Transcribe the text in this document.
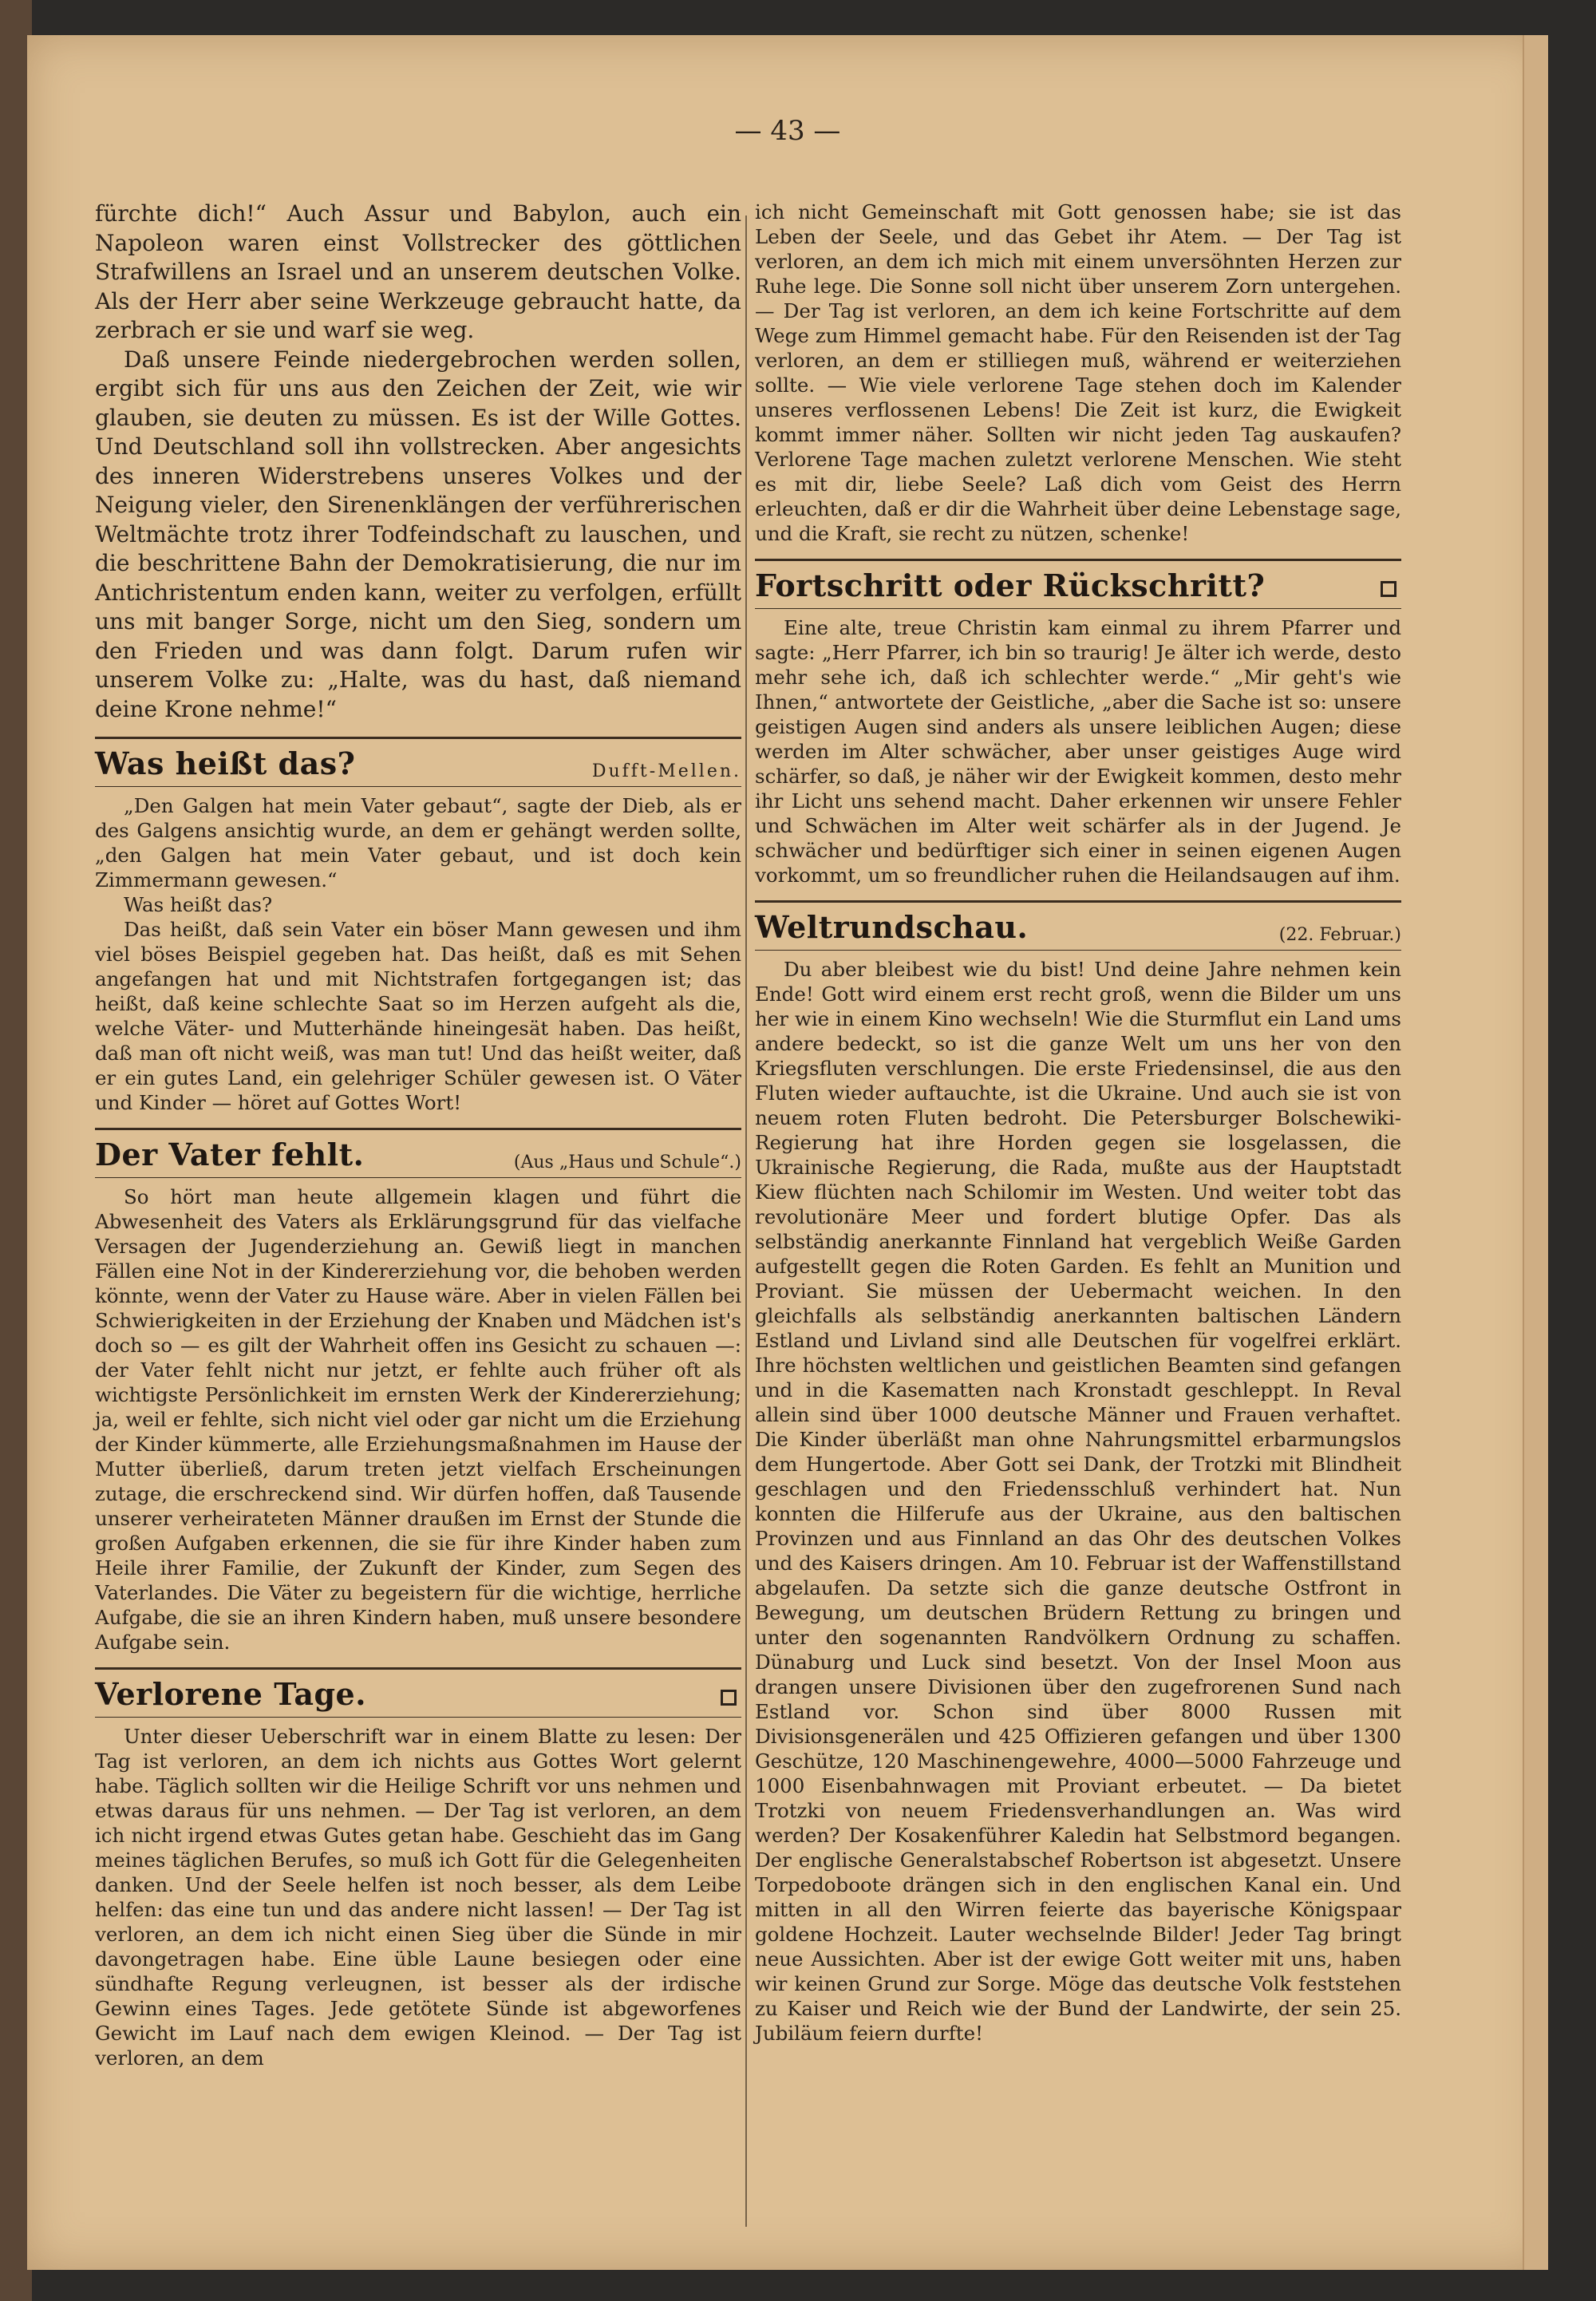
— 43 —

fürchte dich!“ Auch Assur und Babylon, auch ein Napoleon waren einst Vollstrecker des göttlichen Strafwillens an Israel und an unserem deutschen Volke. Als der Herr aber seine Werkzeuge gebraucht hatte, da zerbrach er sie und warf sie weg.

Daß unsere Feinde niedergebrochen werden sollen, ergibt sich für uns aus den Zeichen der Zeit, wie wir glauben, sie deuten zu müssen. Es ist der Wille Gottes. Und Deutschland soll ihn vollstrecken. Aber angesichts des inneren Widerstrebens unseres Volkes und der Neigung vieler, den Sirenenklängen der verführerischen Weltmächte trotz ihrer Todfeindschaft zu lauschen, und die beschrittene Bahn der Demokratisierung, die nur im Antichristentum enden kann, weiter zu verfolgen, erfüllt uns mit banger Sorge, nicht um den Sieg, sondern um den Frieden und was dann folgt. Darum rufen wir unserem Volke zu: „Halte, was du hast, daß niemand deine Krone nehme!“

Was heißt das?	Dufft-Mellen.

„Den Galgen hat mein Vater gebaut“, sagte der Dieb, als er des Galgens ansichtig wurde, an dem er gehängt werden sollte, „den Galgen hat mein Vater gebaut, und ist doch kein Zimmermann gewesen.“

Was heißt das?

Das heißt, daß sein Vater ein böser Mann gewesen und ihm viel böses Beispiel gegeben hat. Das heißt, daß es mit Sehen angefangen hat und mit Nichtstrafen fortgegangen ist; das heißt, daß keine schlechte Saat so im Herzen aufgeht als die, welche Väter- und Mutterhände hineingesät haben. Das heißt, daß man oft nicht weiß, was man tut! Und das heißt weiter, daß er ein gutes Land, ein gelehriger Schüler gewesen ist. O Väter und Kinder — höret auf Gottes Wort!

Der Vater fehlt.	(Aus „Haus und Schule“.)

So hört man heute allgemein klagen und führt die Abwesenheit des Vaters als Erklärungsgrund für das vielfache Versagen der Jugenderziehung an. Gewiß liegt in manchen Fällen eine Not in der Kindererziehung vor, die behoben werden könnte, wenn der Vater zu Hause wäre. Aber in vielen Fällen bei Schwierigkeiten in der Erziehung der Knaben und Mädchen ist's doch so — es gilt der Wahrheit offen ins Gesicht zu schauen —: der Vater fehlt nicht nur jetzt, er fehlte auch früher oft als wichtigste Persönlichkeit im ernsten Werk der Kindererziehung; ja, weil er fehlte, sich nicht viel oder gar nicht um die Erziehung der Kinder kümmerte, alle Erziehungsmaßnahmen im Hause der Mutter überließ, darum treten jetzt vielfach Erscheinungen zutage, die erschreckend sind. Wir dürfen hoffen, daß Tausende unserer verheirateten Männer draußen im Ernst der Stunde die großen Aufgaben erkennen, die sie für ihre Kinder haben zum Heile ihrer Familie, der Zukunft der Kinder, zum Segen des Vaterlandes. Die Väter zu begeistern für die wichtige, herrliche Aufgabe, die sie an ihren Kindern haben, muß unsere besondere Aufgabe sein.

Verlorene Tage.

Unter dieser Ueberschrift war in einem Blatte zu lesen: Der Tag ist verloren, an dem ich nichts aus Gottes Wort gelernt habe. Täglich sollten wir die Heilige Schrift vor uns nehmen und etwas daraus für uns nehmen. — Der Tag ist verloren, an dem ich nicht irgend etwas Gutes getan habe. Geschieht das im Gang meines täglichen Berufes, so muß ich Gott für die Gelegenheiten danken. Und der Seele helfen ist noch besser, als dem Leibe helfen: das eine tun und das andere nicht lassen! — Der Tag ist verloren, an dem ich nicht einen Sieg über die Sünde in mir davongetragen habe. Eine üble Laune besiegen oder eine sündhafte Regung verleugnen, ist besser als der irdische Gewinn eines Tages. Jede getötete Sünde ist abgeworfenes Gewicht im Lauf nach dem ewigen Kleinod. — Der Tag ist verloren, an dem

ich nicht Gemeinschaft mit Gott genossen habe; sie ist das Leben der Seele, und das Gebet ihr Atem. — Der Tag ist verloren, an dem ich mich mit einem unversöhnten Herzen zur Ruhe lege. Die Sonne soll nicht über unserem Zorn untergehen. — Der Tag ist verloren, an dem ich keine Fortschritte auf dem Wege zum Himmel gemacht habe. Für den Reisenden ist der Tag verloren, an dem er stilliegen muß, während er weiterziehen sollte. — Wie viele verlorene Tage stehen doch im Kalender unseres verflossenen Lebens! Die Zeit ist kurz, die Ewigkeit kommt immer näher. Sollten wir nicht jeden Tag auskaufen? Verlorene Tage machen zuletzt verlorene Menschen. Wie steht es mit dir, liebe Seele? Laß dich vom Geist des Herrn erleuchten, daß er dir die Wahrheit über deine Lebenstage sage, und die Kraft, sie recht zu nützen, schenke!

Fortschritt oder Rückschritt?

Eine alte, treue Christin kam einmal zu ihrem Pfarrer und sagte: „Herr Pfarrer, ich bin so traurig! Je älter ich werde, desto mehr sehe ich, daß ich schlechter werde.“ „Mir geht's wie Ihnen,“ antwortete der Geistliche, „aber die Sache ist so: unsere geistigen Augen sind anders als unsere leiblichen Augen; diese werden im Alter schwächer, aber unser geistiges Auge wird schärfer, so daß, je näher wir der Ewigkeit kommen, desto mehr ihr Licht uns sehend macht. Daher erkennen wir unsere Fehler und Schwächen im Alter weit schärfer als in der Jugend. Je schwächer und bedürftiger sich einer in seinen eigenen Augen vorkommt, um so freundlicher ruhen die Heilandsaugen auf ihm.

Weltrundschau.	(22. Februar.)

Du aber bleibest wie du bist! Und deine Jahre nehmen kein Ende! Gott wird einem erst recht groß, wenn die Bilder um uns her wie in einem Kino wechseln! Wie die Sturmflut ein Land ums andere bedeckt, so ist die ganze Welt um uns her von den Kriegsfluten verschlungen. Die erste Friedensinsel, die aus den Fluten wieder auftauchte, ist die Ukraine. Und auch sie ist von neuem roten Fluten bedroht. Die Petersburger Bolschewiki-Regierung hat ihre Horden gegen sie losgelassen, die Ukrainische Regierung, die Rada, mußte aus der Hauptstadt Kiew flüchten nach Schilomir im Westen. Und weiter tobt das revolutionäre Meer und fordert blutige Opfer. Das als selbständig anerkannte Finnland hat vergeblich Weiße Garden aufgestellt gegen die Roten Garden. Es fehlt an Munition und Proviant. Sie müssen der Uebermacht weichen. In den gleichfalls als selbständig anerkannten baltischen Ländern Estland und Livland sind alle Deutschen für vogelfrei erklärt. Ihre höchsten weltlichen und geistlichen Beamten sind gefangen und in die Kasematten nach Kronstadt geschleppt. In Reval allein sind über 1000 deutsche Männer und Frauen verhaftet. Die Kinder überläßt man ohne Nahrungsmittel erbarmungslos dem Hungertode. Aber Gott sei Dank, der Trotzki mit Blindheit geschlagen und den Friedensschluß verhindert hat. Nun konnten die Hilferufe aus der Ukraine, aus den baltischen Provinzen und aus Finnland an das Ohr des deutschen Volkes und des Kaisers dringen. Am 10. Februar ist der Waffenstillstand abgelaufen. Da setzte sich die ganze deutsche Ostfront in Bewegung, um deutschen Brüdern Rettung zu bringen und unter den sogenannten Randvölkern Ordnung zu schaffen. Dünaburg und Luck sind besetzt. Von der Insel Moon aus drangen unsere Divisionen über den zugefrorenen Sund nach Estland vor. Schon sind über 8000 Russen mit Divisionsgenerälen und 425 Offizieren gefangen und über 1300 Geschütze, 120 Maschinengewehre, 4000—5000 Fahrzeuge und 1000 Eisenbahnwagen mit Proviant erbeutet. — Da bietet Trotzki von neuem Friedensverhandlungen an. Was wird werden? Der Kosakenführer Kaledin hat Selbstmord begangen. Der englische Generalstabschef Robertson ist abgesetzt. Unsere Torpedoboote drängen sich in den englischen Kanal ein. Und mitten in all den Wirren feierte das bayerische Königspaar goldene Hochzeit. Lauter wechselnde Bilder! Jeder Tag bringt neue Aussichten. Aber ist der ewige Gott weiter mit uns, haben wir keinen Grund zur Sorge. Möge das deutsche Volk feststehen zu Kaiser und Reich wie der Bund der Landwirte, der sein 25. Jubiläum feiern durfte!
